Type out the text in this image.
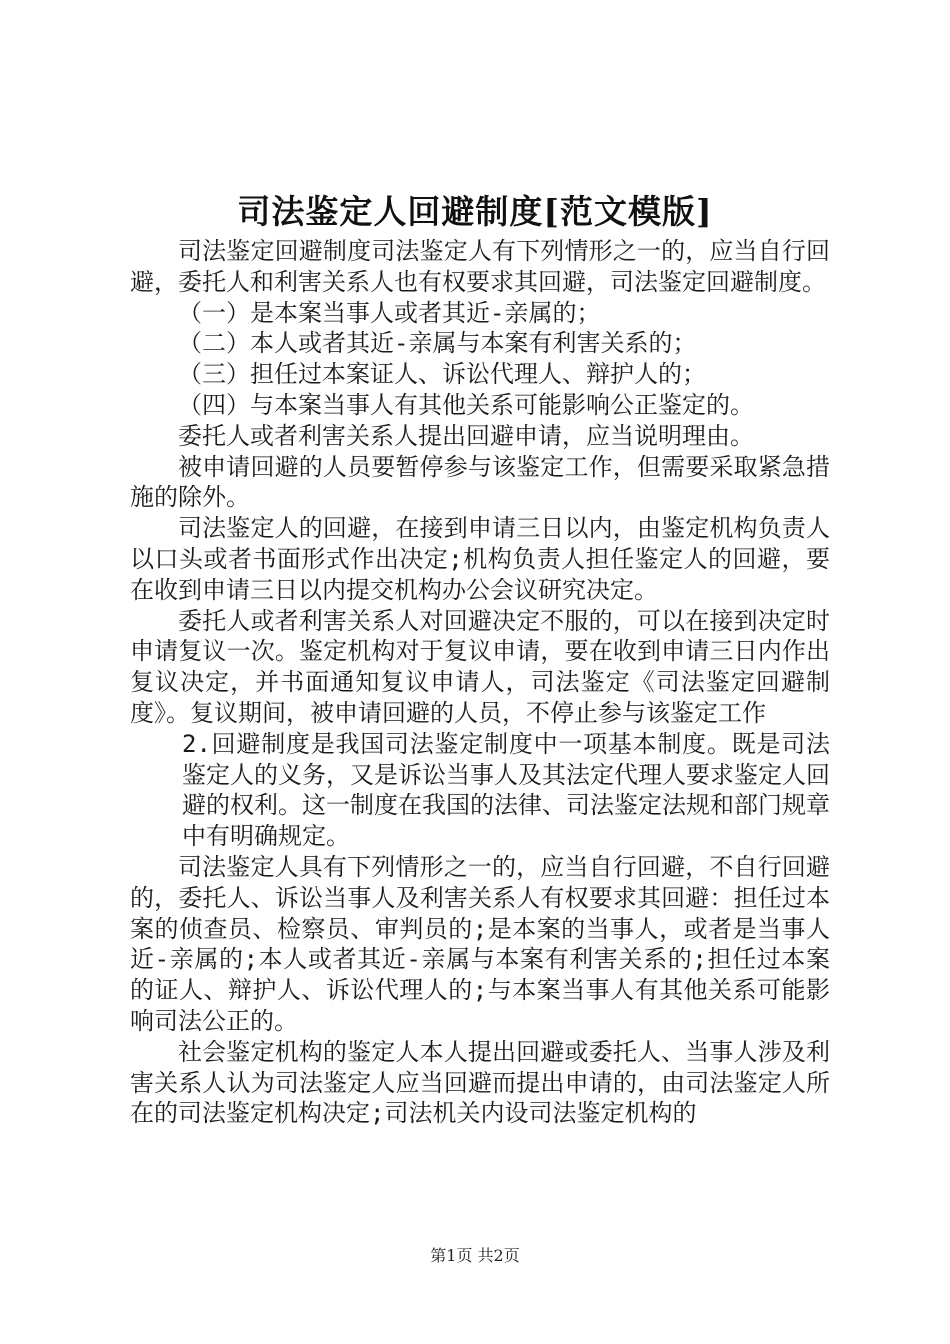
司法鉴定人回避制度[范文模版]

司法鉴定回避制度司法鉴定人有下列情形之一的，应当自行回避，委托人和利害关系人也有权要求其回避，司法鉴定回避制度。

（一）是本案当事人或者其近-亲属的；

（二）本人或者其近-亲属与本案有利害关系的；

（三）担任过本案证人、诉讼代理人、辩护人的；

（四）与本案当事人有其他关系可能影响公正鉴定的。

委托人或者利害关系人提出回避申请，应当说明理由。

被申请回避的人员要暂停参与该鉴定工作，但需要采取紧急措施的除外。

司法鉴定人的回避，在接到申请三日以内，由鉴定机构负责人以口头或者书面形式作出决定;机构负责人担任鉴定人的回避，要在收到申请三日以内提交机构办公会议研究决定。

委托人或者利害关系人对回避决定不服的，可以在接到决定时申请复议一次。鉴定机构对于复议申请，要在收到申请三日内作出复议决定，并书面通知复议申请人，司法鉴定《司法鉴定回避制度》。复议期间，被申请回避的人员，不停止参与该鉴定工作

2.回避制度是我国司法鉴定制度中一项基本制度。既是司法鉴定人的义务，又是诉讼当事人及其法定代理人要求鉴定人回避的权利。这一制度在我国的法律、司法鉴定法规和部门规章中有明确规定。

司法鉴定人具有下列情形之一的，应当自行回避，不自行回避的，委托人、诉讼当事人及利害关系人有权要求其回避：担任过本案的侦查员、检察员、审判员的;是本案的当事人，或者是当事人近-亲属的;本人或者其近-亲属与本案有利害关系的;担任过本案的证人、辩护人、诉讼代理人的;与本案当事人有其他关系可能影响司法公正的。

社会鉴定机构的鉴定人本人提出回避或委托人、当事人涉及利害关系人认为司法鉴定人应当回避而提出申请的，由司法鉴定人所在的司法鉴定机构决定;司法机关内设司法鉴定机构的

第1页 共2页
